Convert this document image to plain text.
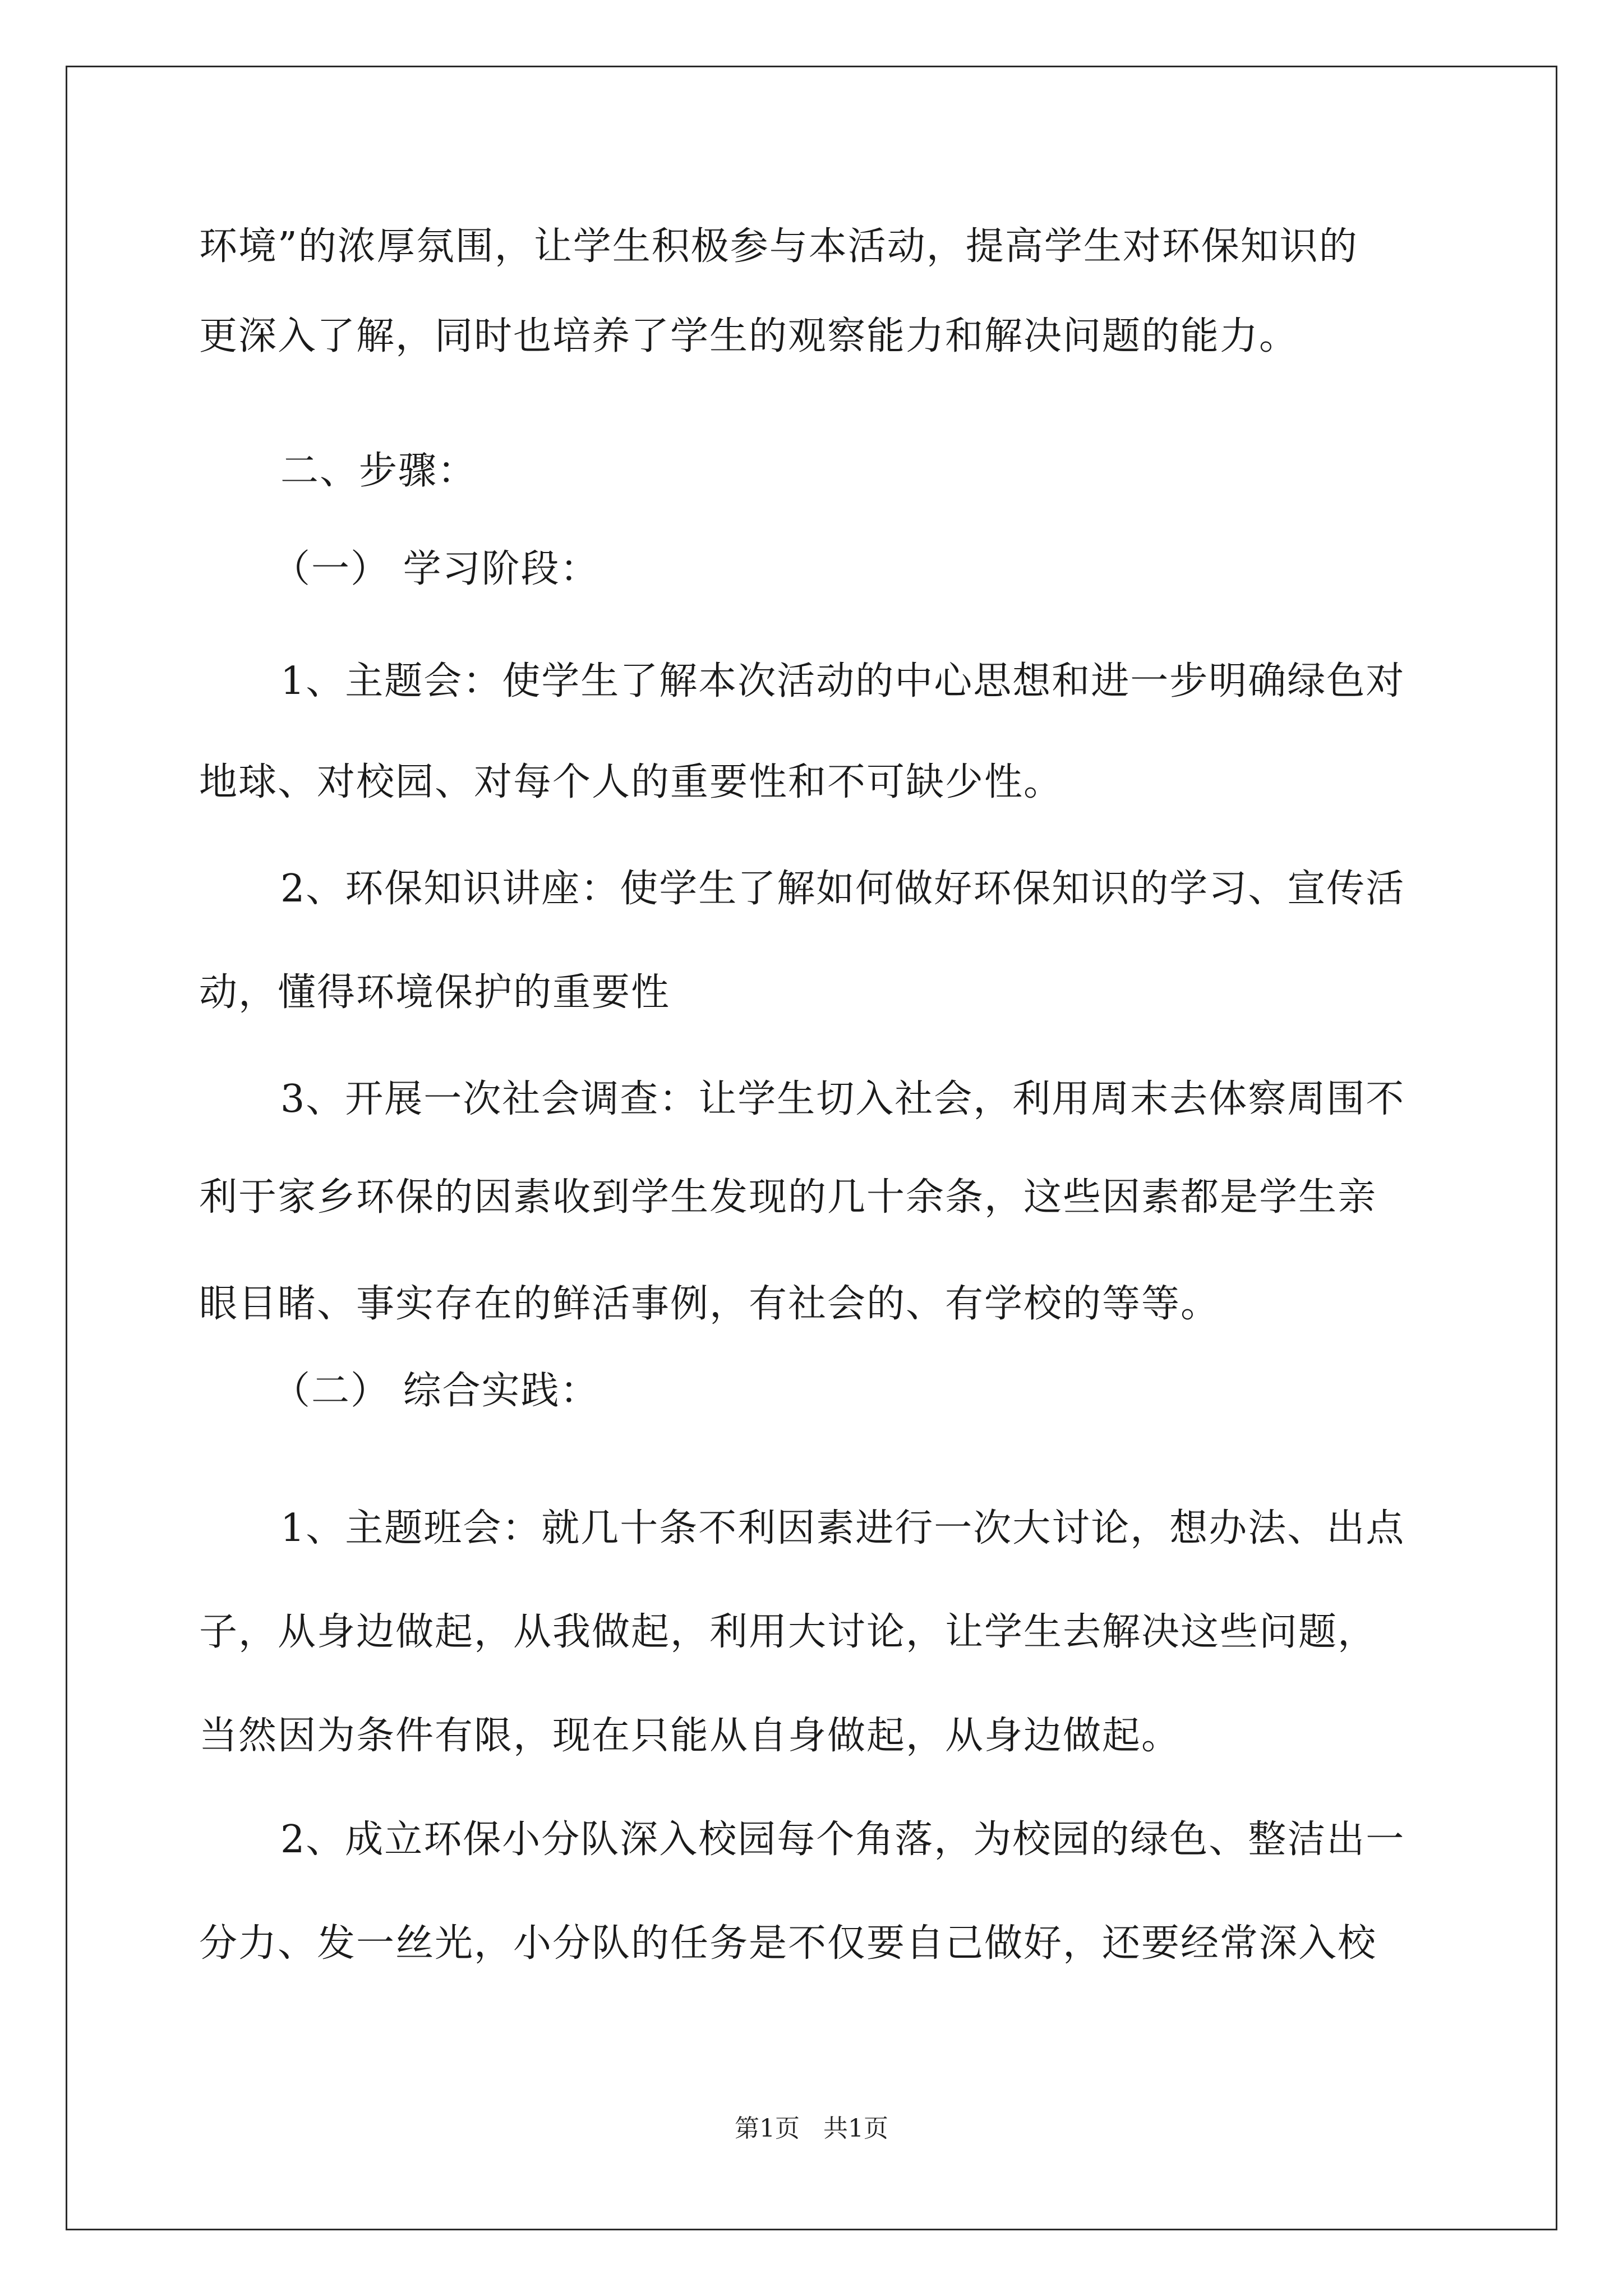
环境”的浓厚氛围，让学生积极参与本活动，提高学生对环保知识的
更深入了解，同时也培养了学生的观察能力和解决问题的能力。
二、步骤：
（一） 学习阶段：
1、主题会：使学生了解本次活动的中心思想和进一步明确绿色对
地球、对校园、对每个人的重要性和不可缺少性。
2、环保知识讲座：使学生了解如何做好环保知识的学习、宣传活
动，懂得环境保护的重要性
3、开展一次社会调查：让学生切入社会，利用周末去体察周围不
利于家乡环保的因素收到学生发现的几十余条，这些因素都是学生亲
眼目睹、事实存在的鲜活事例，有社会的、有学校的等等。
（二） 综合实践：
1、主题班会：就几十条不利因素进行一次大讨论，想办法、出点
子，从身边做起，从我做起，利用大讨论，让学生去解决这些问题，
当然因为条件有限，现在只能从自身做起，从身边做起。
2、成立环保小分队深入校园每个角落，为校园的绿色、整洁出一
分力、发一丝光，小分队的任务是不仅要自己做好，还要经常深入校
第1页 共1页
